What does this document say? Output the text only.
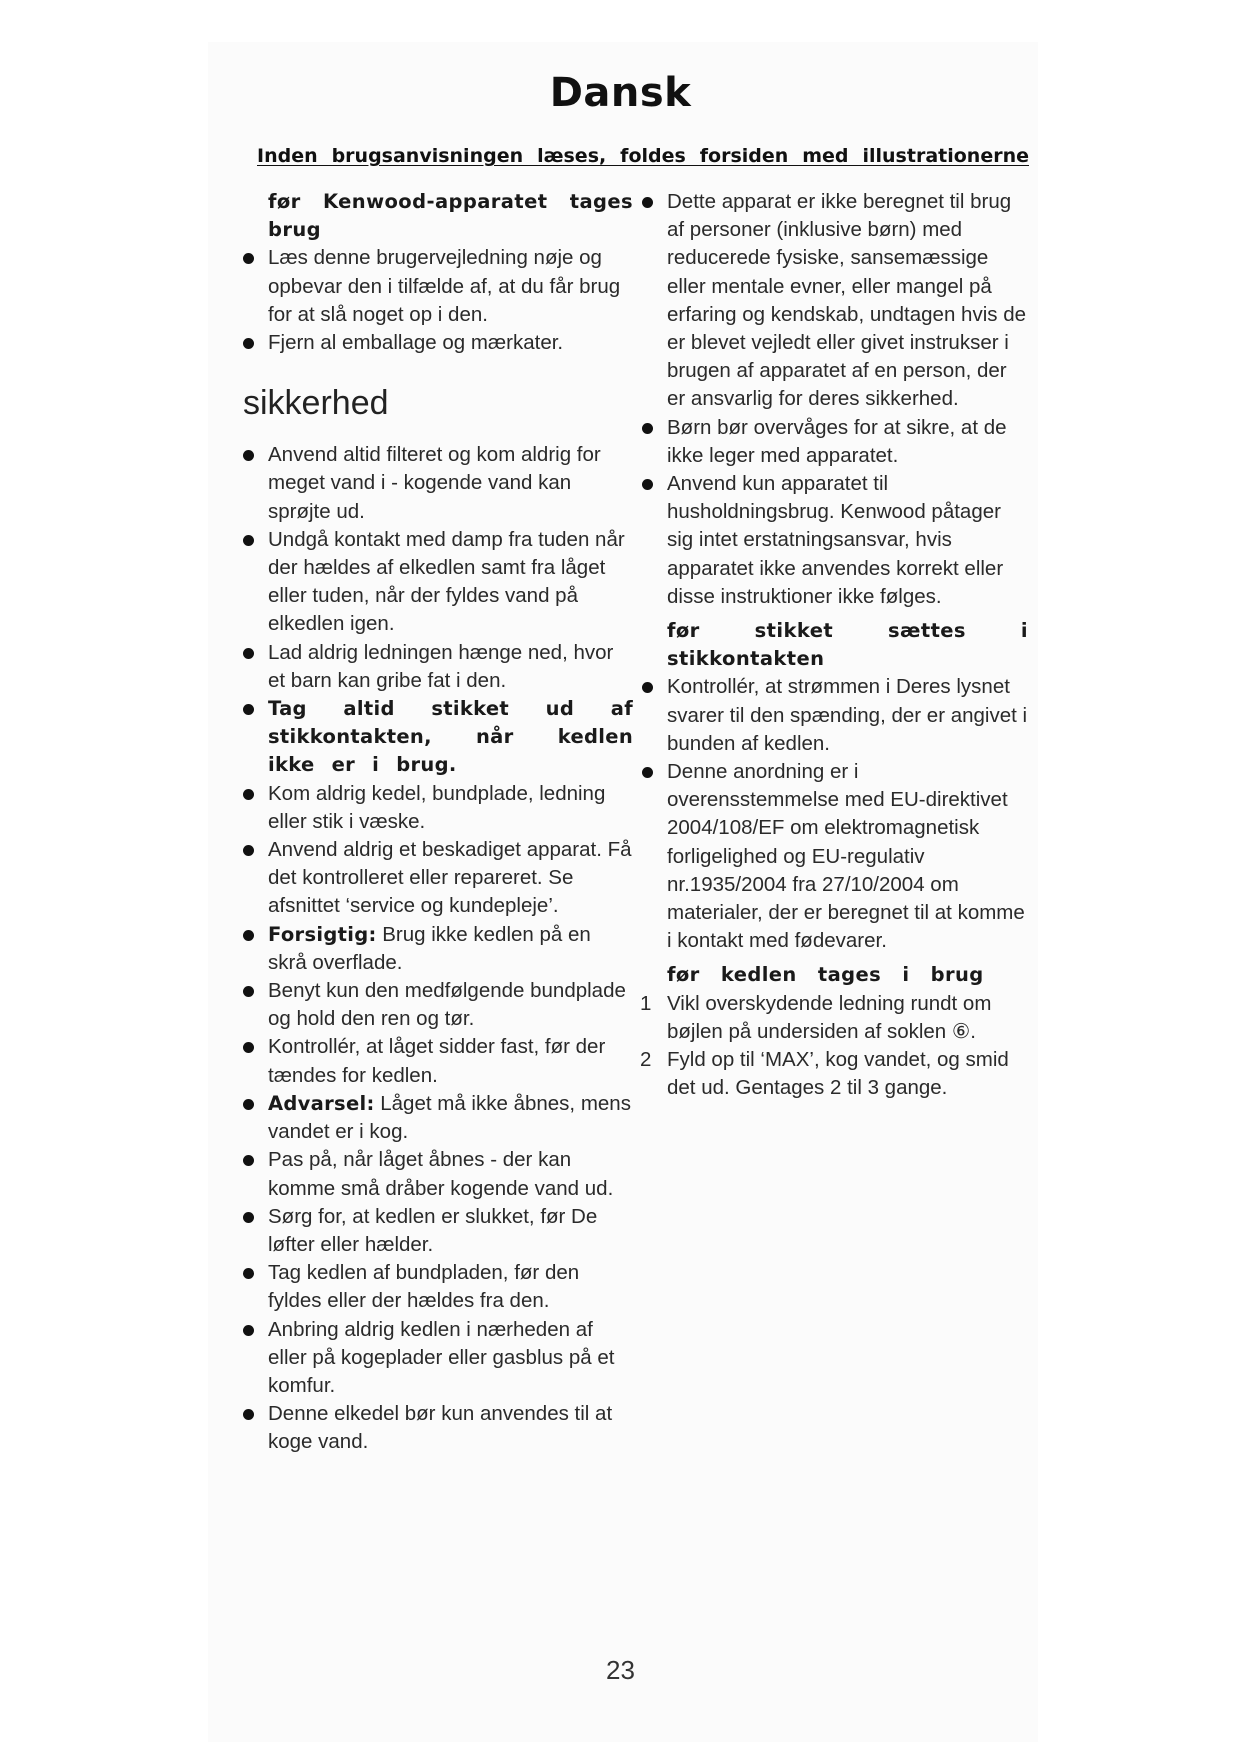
Dansk
Inden brugsanvisningen læses, foldes forsiden med illustrationerne

før Kenwood-apparatet tages brug

Læs denne brugervejledning nøje og opbevar den i tilfælde af, at du får brug for at slå noget op i den.

Fjern al emballage og mærkater.

sikkerhed

Anvend altid filteret og kom aldrig for meget vand i - kogende vand kan sprøjte ud.

Undgå kontakt med damp fra tuden når der hældes af elkedlen samt fra låget eller tuden, når der fyldes vand på elkedlen igen.

Lad aldrig ledningen hænge ned, hvor et barn kan gribe fat i den.

Tag altid stikket ud af stikkontakten, når kedlen ikke er i brug.

Kom aldrig kedel, bundplade, ledning eller stik i væske.

Anvend aldrig et beskadiget apparat. Få det kontrolleret eller repareret. Se afsnittet ‘service og kundepleje’.

Forsigtig: Brug ikke kedlen på en skrå overflade.

Benyt kun den medfølgende bundplade og hold den ren og tør.

Kontrollér, at låget sidder fast, før der tændes for kedlen.

Advarsel: Låget må ikke åbnes, mens vandet er i kog.

Pas på, når låget åbnes - der kan komme små dråber kogende vand ud.

Sørg for, at kedlen er slukket, før De løfter eller hælder.

Tag kedlen af bundpladen, før den fyldes eller der hældes fra den.

Anbring aldrig kedlen i nærheden af eller på kogeplader eller gasblus på et komfur.

Denne elkedel bør kun anvendes til at koge vand.

Dette apparat er ikke beregnet til brug af personer (inklusive børn) med reducerede fysiske, sansemæssige eller mentale evner, eller mangel på erfaring og kendskab, undtagen hvis de er blevet vejledt eller givet instrukser i brugen af apparatet af en person, der er ansvarlig for deres sikkerhed.

Børn bør overvåges for at sikre, at de ikke leger med apparatet.

Anvend kun apparatet til husholdningsbrug. Kenwood påtager sig intet erstatningsansvar, hvis apparatet ikke anvendes korrekt eller disse instruktioner ikke følges.

før stikket sættes i stikkontakten

Kontrollér, at strømmen i Deres lysnet svarer til den spænding, der er angivet i bunden af kedlen.

Denne anordning er i overensstemmelse med EU-direktivet 2004/108/EF om elektromagnetisk forligelighed og EU-regulativ nr.1935/2004 fra 27/10/2004 om materialer, der er beregnet til at komme i kontakt med fødevarer.

før kedlen tages i brug

1 Vikl overskydende ledning rundt om bøjlen på undersiden af soklen ⑥.

2 Fyld op til ‘MAX’, kog vandet, og smid det ud. Gentages 2 til 3 gange.

23
